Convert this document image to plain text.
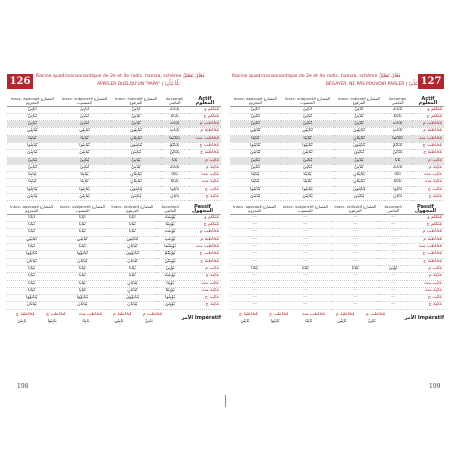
126	Racine quadriconsonantique de 2e et 4e radic. hamza, schème فَعْلَلَ يُفَعْلِلُ
APPELER QUELQU'UN "PAPA" | بَأْبَأَ يُبَأْبِئُ
Inacc. apocopé المضارع المجزوم	Inacc. subjonctif المضارع المنصوب	Inacc. indicatif المضارع المرفوع	Accompli الماضي	Actif المعلوم
أُبَأْبِئْ	أُبَأْبِئَ	أُبَأْبِئُ	بَأْبَأْتُ	مُتَكَلِّم و
نُبَأْبِئْ	نُبَأْبِئَ	نُبَأْبِئُ	بَأْبَأْنَا	مُتَكَلِّم ج
تُبَأْبِئْ	تُبَأْبِئَ	تُبَأْبِئُ	بَأْبَأْتَ	مُخَاطَب م
تُبَأْبِئِي	تُبَأْبِئِي	تُبَأْبِئِينَ	بَأْبَأْتِ	مُخَاطَبَة م
تُبَأْبِئَا	تُبَأْبِئَا	تُبَأْبِئَانِ	بَأْبَأْتُمَا	مُخَاطَب مث
تُبَأْبِئُوا	تُبَأْبِئُوا	تُبَأْبِئُونَ	بَأْبَأْتُمْ	مُخَاطَب ج
تُبَأْبِئْنَ	تُبَأْبِئْنَ	تُبَأْبِئْنَ	بَأْبَأْتُنَّ	مُخَاطَبَة ج
يُبَأْبِئْ	يُبَأْبِئَ	يُبَأْبِئُ	بَأْبَأَ	غَائِب م
تُبَأْبِئْ	تُبَأْبِئَ	تُبَأْبِئُ	بَأْبَأَتْ	غَائِبَة م
يُبَأْبِئَا	يُبَأْبِئَا	يُبَأْبِئَانِ	بَأْبَأَا	غَائِب مث
تُبَأْبِئَا	تُبَأْبِئَا	تُبَأْبِئَانِ	بَأْبَأَتَا	غَائِبَة مث
يُبَأْبِئُوا	يُبَأْبِئُوا	يُبَأْبِئُونَ	بَأْبَأُوا	غَائِب ج
يُبَأْبِئْنَ	يُبَأْبِئْنَ	يُبَأْبِئْنَ	بَأْبَأْنَ	غَائِبَة ج
Inacc. apocopé المضارع المجزوم	Inacc. subjonctif المضارع المنصوب	Inacc. indicatif المضارع المرفوع	Accompli الماضي	Passif المجهول
أُبَأْبَأْ	أُبَأْبَأَ	أُبَأْبَأُ	بُؤْبِئْتُ	مُتَكَلِّم و
نُبَأْبَأْ	نُبَأْبَأَ	نُبَأْبَأُ	بُؤْبِئْنَا	مُتَكَلِّم ج
تُبَأْبَأْ	تُبَأْبَأَ	تُبَأْبَأُ	بُؤْبِئْتَ	مُخَاطَب م
تُبَأْبَئِي	تُبَأْبَئِي	تُبَأْبَئِينَ	بُؤْبِئْتِ	مُخَاطَبَة م
تُبَأْبَآ	تُبَأْبَآ	تُبَأْبَآنِ	بُؤْبِئْتُمَا	مُخَاطَب مث
تُبَأْبَؤُوا	تُبَأْبَؤُوا	تُبَأْبَؤُونَ	بُؤْبِئْتُمْ	مُخَاطَب ج
تُبَأْبَأْنَ	تُبَأْبَأْنَ	تُبَأْبَأْنَ	بُؤْبِئْتُنَّ	مُخَاطَبَة ج
يُبَأْبَأْ	يُبَأْبَأَ	يُبَأْبَأُ	بُؤْبِئَ	غَائِب م
تُبَأْبَأْ	تُبَأْبَأَ	تُبَأْبَأُ	بُؤْبِئَتْ	غَائِبَة م
يُبَأْبَآ	يُبَأْبَآ	يُبَأْبَآنِ	بُؤْبِئَا	غَائِب مث
تُبَأْبَآ	تُبَأْبَآ	تُبَأْبَآنِ	بُؤْبِئَتَا	غَائِبَة مث
يُبَأْبَؤُوا	يُبَأْبَؤُوا	يُبَأْبَؤُونَ	بُؤْبِئُوا	غَائِب ج
يُبَأْبَأْنَ	يُبَأْبَأْنَ	يُبَأْبَأْنَ	بُؤْبِئْنَ	غَائِبَة ج
مُخَاطَبَة ج	مُخَاطَب ج	مُخَاطَب مث	مُخَاطَبَة م	مُخَاطَب م	Impératif الأمر
بَأْبِئْنَ	بَأْبِئُوا	بَأْبِئَا	بَأْبِئِي	بَأْبِئْ	
127
Racine quadriconsonantique de 2e et 4e radic. hamza, schème فَعْلَلَ يُفَعْلِلُ
BÉGAYER, NE PAS POUVOIR PARLER | تَأْتَأَ يُتَأْتِئُ
Inacc. apocopé المضارع المجزوم	Inacc. subjonctif المضارع المنصوب	Inacc. indicatif المضارع المرفوع	Accompli الماضي	Actif المعلوم
أُتَأْتِئْ	أُتَأْتِئَ	أُتَأْتِئُ	تَأْتَأْتُ	مُتَكَلِّم و
نُتَأْتِئْ	نُتَأْتِئَ	نُتَأْتِئُ	تَأْتَأْنَا	مُتَكَلِّم ج
تُتَأْتِئْ	تُتَأْتِئَ	تُتَأْتِئُ	تَأْتَأْتَ	مُخَاطَب م
تُتَأْتِئِي	تُتَأْتِئِي	تُتَأْتِئِينَ	تَأْتَأْتِ	مُخَاطَبَة م
تُتَأْتِئَا	تُتَأْتِئَا	تُتَأْتِئَانِ	تَأْتَأْتُمَا	مُخَاطَب مث
تُتَأْتِئُوا	تُتَأْتِئُوا	تُتَأْتِئُونَ	تَأْتَأْتُمْ	مُخَاطَب ج
تُتَأْتِئْنَ	تُتَأْتِئْنَ	تُتَأْتِئْنَ	تَأْتَأْتُنَّ	مُخَاطَبَة ج
يُتَأْتِئْ	يُتَأْتِئَ	يُتَأْتِئُ	تَأْتَأَ	غَائِب م
تُتَأْتِئْ	تُتَأْتِئَ	تُتَأْتِئُ	تَأْتَأَتْ	غَائِبَة م
يُتَأْتِئَا	يُتَأْتِئَا	يُتَأْتِئَانِ	تَأْتَأَا	غَائِب مث
تُتَأْتِئَا	تُتَأْتِئَا	تُتَأْتِئَانِ	تَأْتَأَتَا	غَائِبَة مث
يُتَأْتِئُوا	يُتَأْتِئُوا	يُتَأْتِئُونَ	تَأْتَأُوا	غَائِب ج
يُتَأْتِئْنَ	يُتَأْتِئْنَ	يُتَأْتِئْنَ	تَأْتَأْنَ	غَائِبَة ج
Inacc. apocopé المضارع المجزوم	Inacc. subjonctif المضارع المنصوب	Inacc. indicatif المضارع المرفوع	Accompli الماضي	Passif المجهول
—	—	—	—	مُتَكَلِّم و
—	—	—	—	مُتَكَلِّم ج
—	—	—	—	مُخَاطَب م
—	—	—	—	مُخَاطَبَة م
—	—	—	—	مُخَاطَب مث
—	—	—	—	مُخَاطَب ج
—	—	—	—	مُخَاطَبَة ج
يُتَأْتَأْ	يُتَأْتَأَ	يُتَأْتَأُ	تُؤْتِئَ	غَائِب م
—	—	—	—	غَائِبَة م
—	—	—	—	غَائِب مث
—	—	—	—	غَائِبَة مث
—	—	—	—	غَائِب ج
—	—	—	—	غَائِبَة ج
مُخَاطَبَة ج	مُخَاطَب ج	مُخَاطَب مث	مُخَاطَبَة م	مُخَاطَب م	Impératif الأمر
تَأْتِئْنَ	تَأْتِئُوا	تَأْتِئَا	تَأْتِئِي	تَأْتِئْ	
198	199
